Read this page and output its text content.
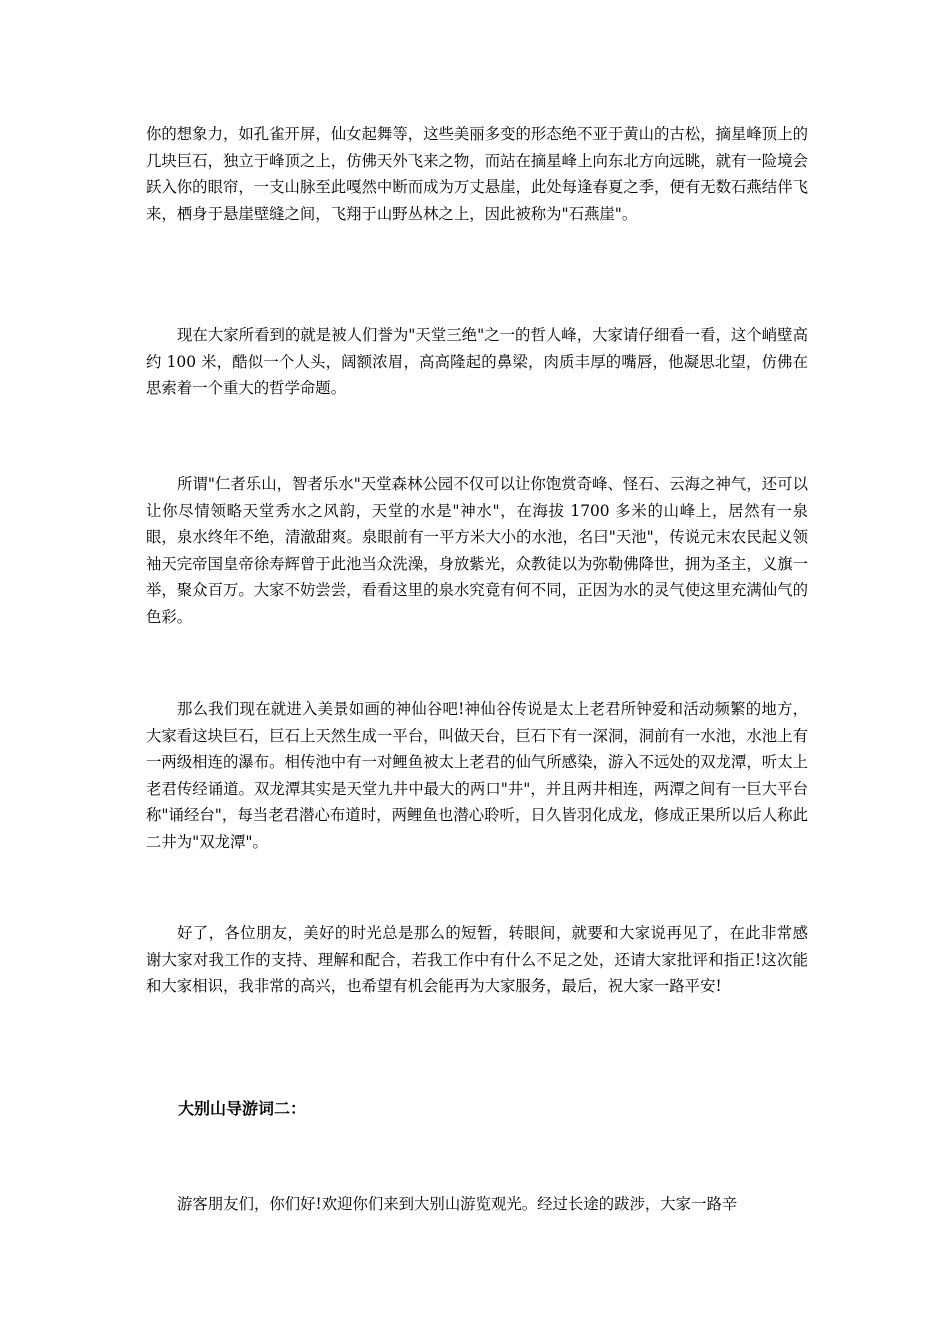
你的想象力，如孔雀开屏，仙女起舞等，这些美丽多变的形态绝不亚于黄山的古松，摘星峰顶上的几块巨石，独立于峰顶之上，仿佛天外飞来之物，而站在摘星峰上向东北方向远眺，就有一险境会跃入你的眼帘，一支山脉至此嘎然中断而成为万丈悬崖，此处每逢春夏之季，便有无数石燕结伴飞来，栖身于悬崖壁缝之间，飞翔于山野丛林之上，因此被称为"石燕崖"。

现在大家所看到的就是被人们誉为"天堂三绝"之一的哲人峰，大家请仔细看一看，这个峭壁高约 100 米，酷似一个人头，阔额浓眉，高高隆起的鼻梁，肉质丰厚的嘴唇，他凝思北望，仿佛在思索着一个重大的哲学命题。

所谓"仁者乐山，智者乐水"天堂森林公园不仅可以让你饱赏奇峰、怪石、云海之神气，还可以让你尽情领略天堂秀水之风韵，天堂的水是"神水"，在海拔 1700 多米的山峰上，居然有一泉眼，泉水终年不绝，清澈甜爽。泉眼前有一平方米大小的水池，名曰"天池"，传说元末农民起义领袖天完帝国皇帝徐寿辉曾于此池当众洗澡，身放紫光，众教徒以为弥勒佛降世，拥为圣主，义旗一举，聚众百万。大家不妨尝尝，看看这里的泉水究竟有何不同，正因为水的灵气使这里充满仙气的色彩。

那么我们现在就进入美景如画的神仙谷吧!神仙谷传说是太上老君所钟爱和活动频繁的地方，大家看这块巨石，巨石上天然生成一平台，叫做天台，巨石下有一深洞，洞前有一水池，水池上有一两级相连的瀑布。相传池中有一对鲤鱼被太上老君的仙气所感染，游入不远处的双龙潭，听太上老君传经诵道。双龙潭其实是天堂九井中最大的两口"井"，并且两井相连，两潭之间有一巨大平台称"诵经台"，每当老君潜心布道时，两鲤鱼也潜心聆听，日久皆羽化成龙，修成正果所以后人称此二井为"双龙潭"。

好了，各位朋友，美好的时光总是那么的短暂，转眼间，就要和大家说再见了，在此非常感谢大家对我工作的支持、理解和配合，若我工作中有什么不足之处，还请大家批评和指正!这次能和大家相识，我非常的高兴，也希望有机会能再为大家服务，最后，祝大家一路平安!

大别山导游词二：

游客朋友们，你们好!欢迎你们来到大别山游览观光。经过长途的跋涉，大家一路辛
